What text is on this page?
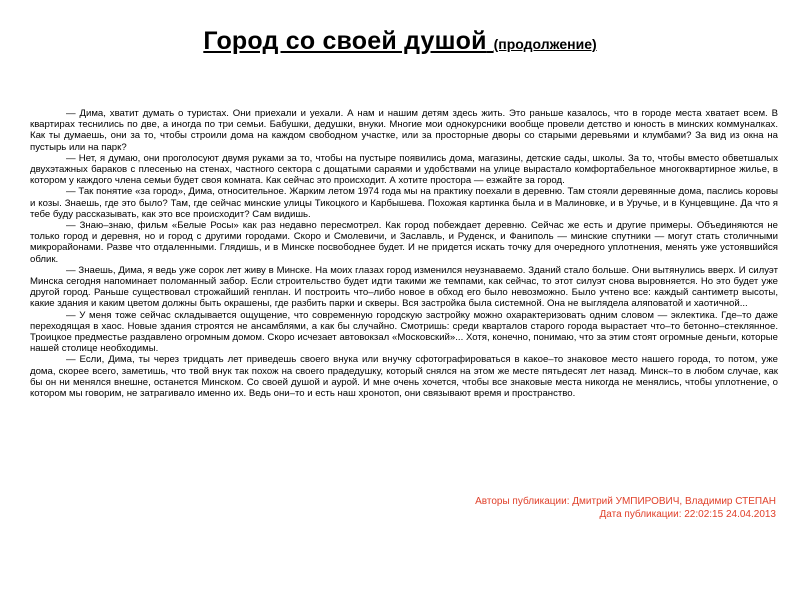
Город со своей душой (продолжение)

— Дима, хватит думать о туристах. Они приехали и уехали. А нам и нашим детям здесь жить. Это раньше казалось, что в городе места хватает всем. В квартирах теснились по две, а иногда по три семьи. Бабушки, дедушки, внуки. Многие мои однокурсники вообще провели детство и юность в минских коммуналках. Как ты думаешь, они за то, чтобы строили дома на каждом свободном участке, или за просторные дворы со старыми деревьями и клумбами? За вид из окна на пустырь или на парк?

— Нет, я думаю, они проголосуют двумя руками за то, чтобы на пустыре появились дома, магазины, детские сады, школы. За то, чтобы вместо обветшалых двухэтажных бараков с плесенью на стенах, частного сектора с дощатыми сараями и удобствами на улице вырастало комфортабельное многоквартирное жилье, в котором у каждого члена семьи будет своя комната. Как сейчас это происходит. А хотите простора — езжайте за город.

— Так понятие «за город», Дима, относительное. Жарким летом 1974 года мы на практику поехали в деревню. Там стояли деревянные дома, паслись коровы и козы. Знаешь, где это было? Там, где сейчас минские улицы Тикоцкого и Карбышева. Похожая картинка была и в Малиновке, и в Уручье, и в Кунцевщине. Да что я тебе буду рассказывать, как это все происходит? Сам видишь.

— Знаю–знаю, фильм «Белые Росы» как раз недавно пересмотрел. Как город побеждает деревню. Сейчас же есть и другие примеры. Объединяются не только город и деревня, но и город с другими городами. Скоро и Смолевичи, и Заславль, и Руденск, и Фаниполь — минские спутники — могут стать столичными микрорайонами. Разве что отдаленными. Глядишь, и в Минске посвободнее будет. И не придется искать точку для очередного уплотнения, менять уже устоявшийся облик.

— Знаешь, Дима, я ведь уже сорок лет живу в Минске. На моих глазах город изменился неузнаваемо. Зданий стало больше. Они вытянулись вверх. И силуэт Минска сегодня напоминает поломанный забор. Если строительство будет идти такими же темпами, как сейчас, то этот силуэт снова выровняется. Но это будет уже другой город. Раньше существовал строжайший генплан. И построить что–либо новое в обход его было невозможно. Было учтено все: каждый сантиметр высоты, какие здания и каким цветом должны быть окрашены, где разбить парки и скверы. Вся застройка была системной. Она не выглядела аляповатой и хаотичной...

— У меня тоже сейчас складывается ощущение, что современную городскую застройку можно охарактеризовать одним словом — эклектика. Где–то даже переходящая в хаос. Новые здания строятся не ансамблями, а как бы случайно. Смотришь: среди кварталов старого города вырастает что–то бетонно–стеклянное. Троицкое предместье раздавлено огромным домом. Скоро исчезает автовокзал «Московский»... Хотя, конечно, понимаю, что за этим стоят огромные деньги, которые нашей столице необходимы.

— Если, Дима, ты через тридцать лет приведешь своего внука или внучку сфотографироваться в какое–то знаковое место нашего города, то потом, уже дома, скорее всего, заметишь, что твой внук так похож на своего прадедушку, который снялся на этом же месте пятьдесят лет назад. Минск–то в любом случае, как бы он ни менялся внешне, останется Минском. Со своей душой и аурой. И мне очень хочется, чтобы все знаковые места никогда не менялись, чтобы уплотнение, о котором мы говорим, не затрагивало именно их. Ведь они–то и есть наш хронотоп, они связывают время и пространство.

Авторы публикации: Дмитрий УМПИРОВИЧ, Владимир СТЕПАН
Дата публикации: 22:02:15 24.04.2013
